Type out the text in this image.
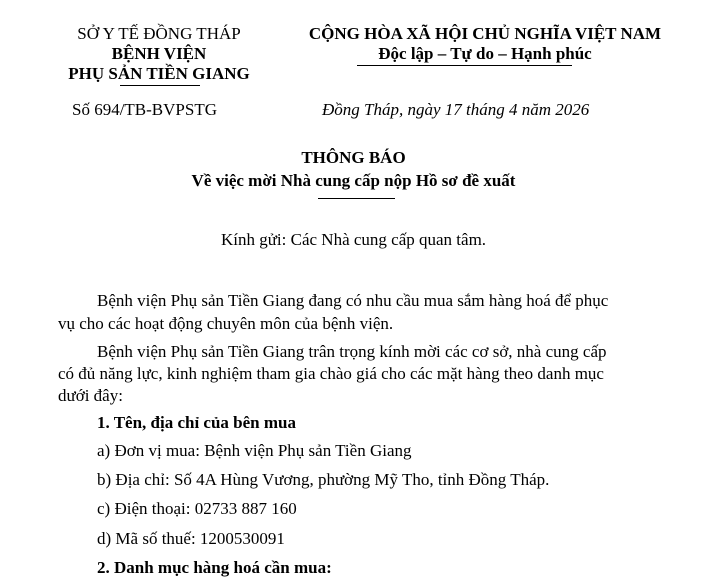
SỞ Y TẾ ĐỒNG THÁP
BỆNH VIỆN
PHỤ SẢN TIỀN GIANG
Số 694/TB-BVPSTG
CỘNG HÒA XÃ HỘI CHỦ NGHĨA VIỆT NAM
Độc lập – Tự do – Hạnh phúc
Đồng Tháp, ngày 17 tháng 4 năm 2026
THÔNG BÁO
Về việc mời Nhà cung cấp nộp Hồ sơ đề xuất
Kính gửi: Các Nhà cung cấp quan tâm.
Bệnh viện Phụ sản Tiền Giang đang có nhu cầu mua sắm hàng hoá để phục
vụ cho các hoạt động chuyên môn của bệnh viện.
Bệnh viện Phụ sản Tiền Giang trân trọng kính mời các cơ sở, nhà cung cấp
có đủ năng lực, kinh nghiệm tham gia chào giá cho các mặt hàng theo danh mục
dưới đây:
1. Tên, địa chỉ của bên mua
a) Đơn vị mua: Bệnh viện Phụ sản Tiền Giang
b) Địa chỉ: Số 4A Hùng Vương, phường Mỹ Tho, tỉnh Đồng Tháp.
c) Điện thoại: 02733 887 160
d) Mã số thuế: 1200530091
2. Danh mục hàng hoá cần mua:
